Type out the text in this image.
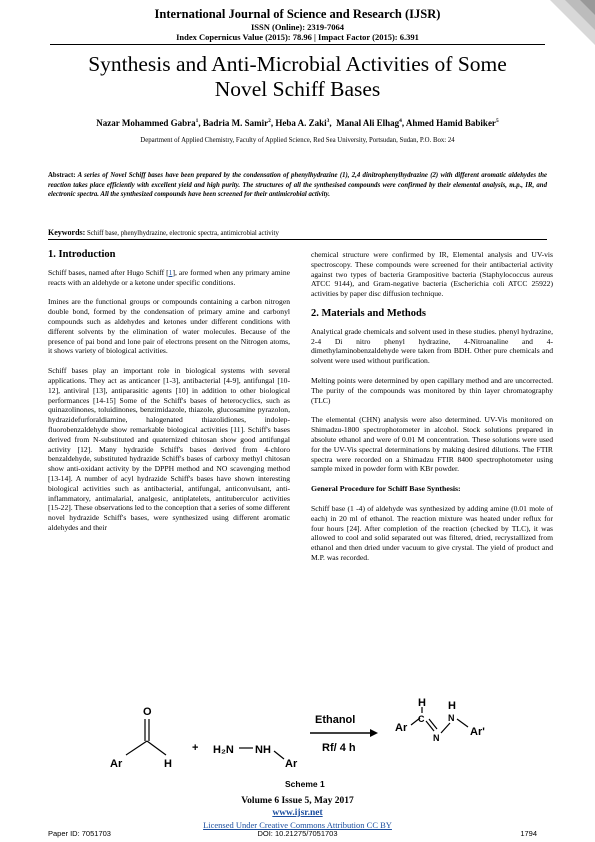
International Journal of Science and Research (IJSR)
ISSN (Online): 2319-7064
Index Copernicus Value (2015): 78.96 | Impact Factor (2015): 6.391
Synthesis and Anti-Microbial Activities of Some
Novel Schiff Bases
Nazar Mohammed Gabra$^1$, Badria M. Samir$^2$, Heba A. Zaki$^3$,  Manal Ali Elhag$^4$, Ahmed Hamid Babiker$^5$
Department of Applied Chemistry, Faculty of Applied Science, Red Sea University, Portsudan, Sudan, P.O. Box: 24
Abstract: A series of Novel Schiff bases have been prepared by the condensation of phenylhydrazine (1), 2,4 dinitrophenylhydrazine (2) with different aromatic aldehydes the reaction takes place efficiently with excellent yield and high purity. The structures of all the synthesised compounds were confirmed by their elemental analysis, m.p., IR, and electronic spectra. All the synthesized compounds have been screened for their antimicrobial activity.
Keywords: Schiff base, phenylhydrazine, electronic spectra, antimicrobial activity
1. Introduction

Schiff bases, named after Hugo Schiff [1], are formed when any primary amine reacts with an aldehyde or a ketone under specific conditions.

Imines are the functional groups or compounds containing a carbon nitrogen double bond, formed by the condensation of primary amine and carbonyl compounds such as aldehydes and ketones under different conditions with different solvents by the elimination of water molecules. Because of the presence of pai bond and lone pair of electrons present on the Nitrogen atoms, it shows variety of biological activities.

Schiff bases play an important role in biological systems with several applications. They act as anticancer [1-3], antibacterial [4-9], antifungal [10-12], antiviral [13], antiparasitic agents [10] in addition to other biological performances [14-15] Some of the Schiff's bases of heterocyclics, such as quinazolinones, toluidinones, benzimidazole, thiazole, glucosamine pyrazolon, hydrazidefurforaldiamine, halogenated thiazolidiones, indolep-fluorobenzaldehyde show remarkable biological activities [11]. Schiff's bases derived from N-substituted and quaternized chitosan show good antifungal activity [12]. Many hydrazide Schiff's bases derived from 4-chloro benzaldehyde, substituted hydrazide Schiff's bases of carboxy methyl chitosan show anti-oxidant activity by the DPPH method and NO scavenging method [13-14]. A number of acyl hydrazide Schiff's bases have shown interesting biological activities such as antibacterial, antifungal, anticonvulsant, anti-inflammatory, antimalarial, analgesic, antiplatelets, antituberculor activities [15-22]. These observations led to the conception that a series of some different novel hydrazide Schiff's bases, were synthesized using different aromatic aldehydes and their

chemical structure were confirmed by IR, Elemental analysis and UV-vis spectroscopy. These compounds were screened for their antibacterial activity against two types of bacteria Grampositive bacteria (Staphylococcus aureus ATCC 9144), and Gram-negative bacteria (Escherichia coli ATCC 25922) activities by paper disc diffusion technique.

2. Materials and Methods

Analytical grade chemicals and solvent used in these studies. phenyl hydrazine, 2-4 Di nitro phenyl hydrazine, 4-Nitroanaline and 4-dimethylaminobenzaldehyde were taken from BDH. Other pure chemicals and solvent were used without purification.

Melting points were determined by open capillary method and are uncorrected. The purity of the compounds was monitored by thin layer chromatography (TLC)

The elemental (CHN) analysis were also determined. UV-Vis monitored on Shimadzu-1800 spectrophotometer in alcohol. Stock solutions prepared in absolute ethanol and were of 0.01 M concentration. These solutions were used for the UV-Vis spectral determinations by making desired dilutions. The FTIR spectra were recorded on a Shimadzu FTIR 8400 spectrophotometer using sample mixed in powder form with KBr powder.

General Procedure for Schiff Base Synthesis:

Schiff base (1 -4) of aldehyde was synthesized by adding amine (0.01 mole of each) in 20 ml of ethanol. The reaction mixture was heated under reflux for four hours [24]. After completion of the reaction (checked by TLC), it was allowed to cool and solid separated out was filtered, dried, recrystallized from ethanol and then dried under vacuum to give crystal. The yield of product and M.P. was recorded.

O
Ar	H
+ H₂N NH
Ar
Ethanol
Rf/ 4 h
Ar
H
C
N
H
N
Ar'
Scheme 1
Volume 6 Issue 5, May 2017
www.ijsr.net
Licensed Under Creative Commons Attribution CC BY
Paper ID: 7051703	DOI: 10.21275/7051703	1794
